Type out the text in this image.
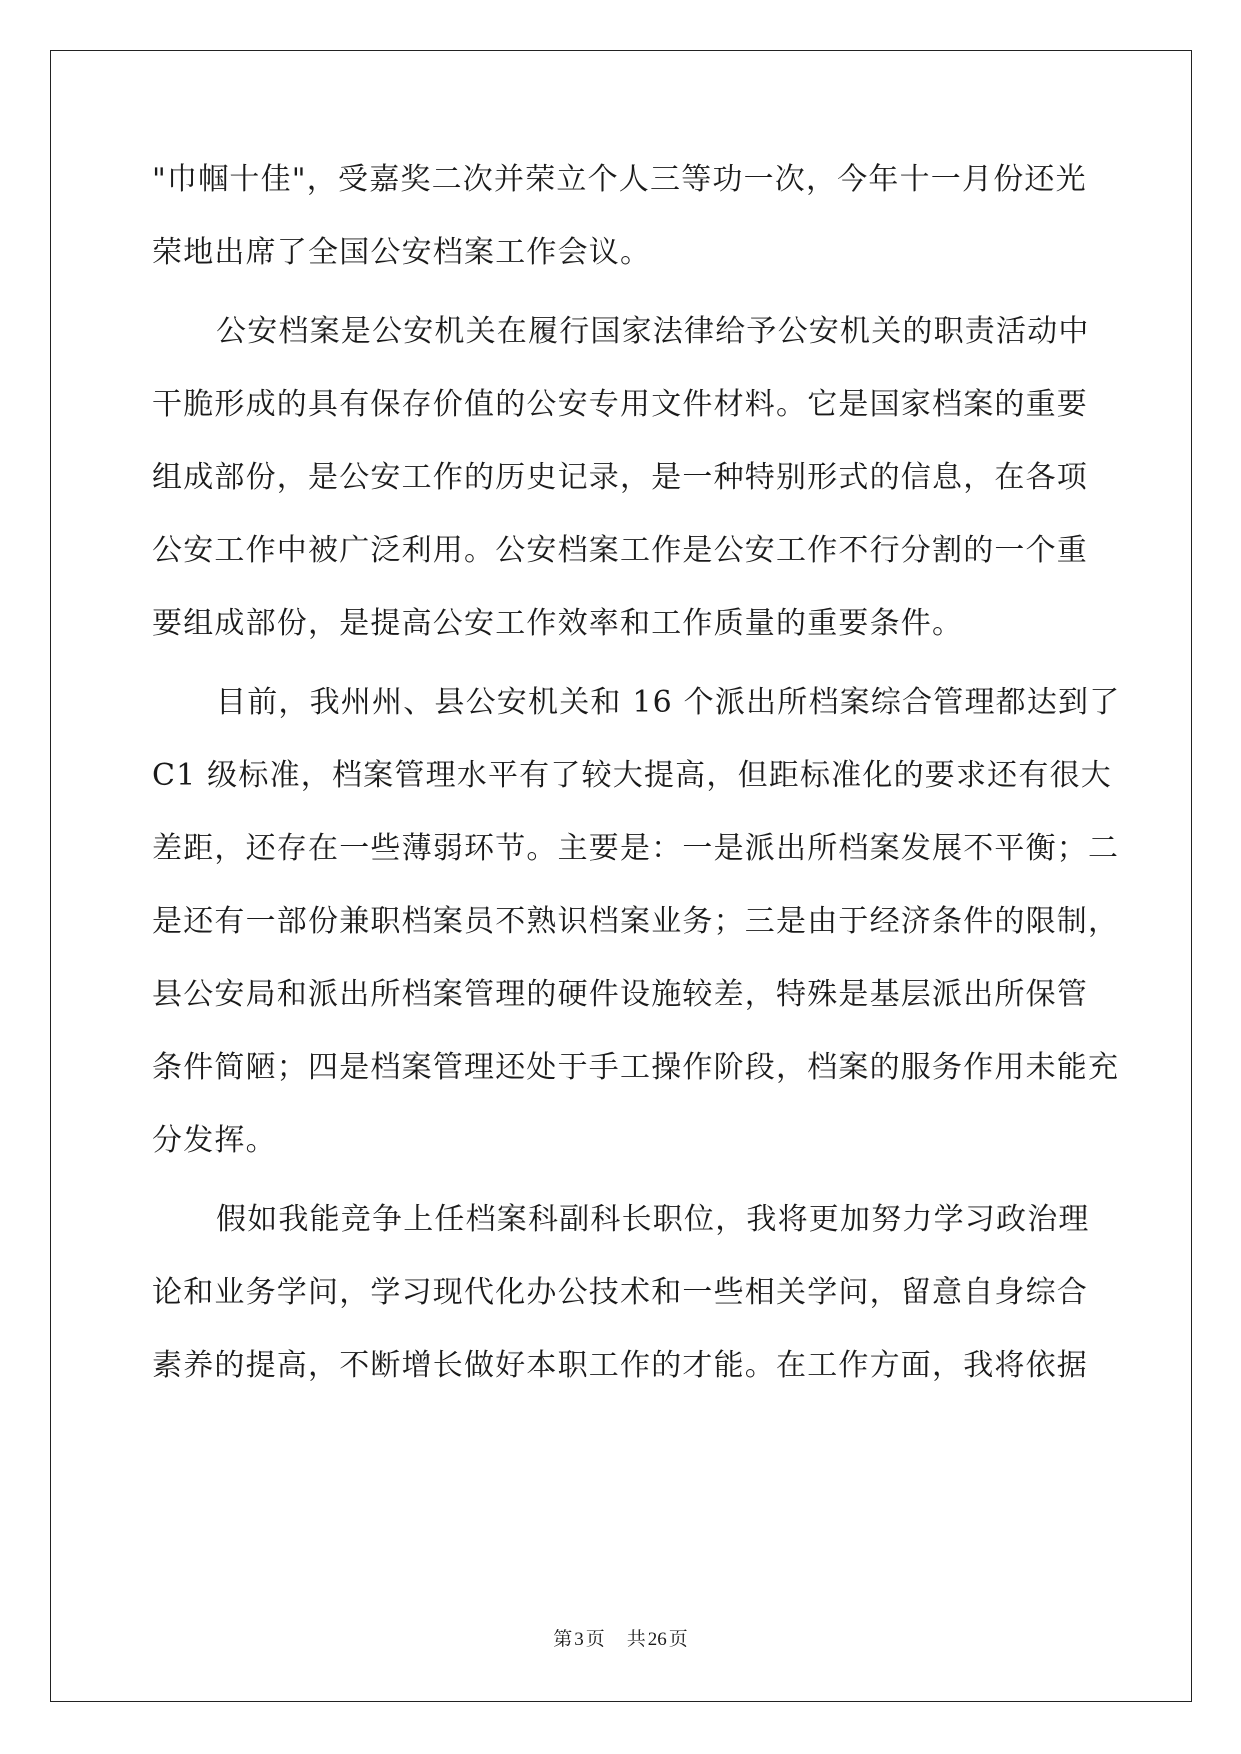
"巾帼十佳"，受嘉奖二次并荣立个人三等功一次，今年十一月份还光
荣地出席了全国公安档案工作会议。
公安档案是公安机关在履行国家法律给予公安机关的职责活动中
干脆形成的具有保存价值的公安专用文件材料。它是国家档案的重要
组成部份，是公安工作的历史记录，是一种特别形式的信息，在各项
公安工作中被广泛利用。公安档案工作是公安工作不行分割的一个重
要组成部份，是提高公安工作效率和工作质量的重要条件。
目前，我州州、县公安机关和 16 个派出所档案综合管理都达到了
C1 级标准，档案管理水平有了较大提高，但距标准化的要求还有很大
差距，还存在一些薄弱环节。主要是：一是派出所档案发展不平衡；二
是还有一部份兼职档案员不熟识档案业务；三是由于经济条件的限制，
县公安局和派出所档案管理的硬件设施较差，特殊是基层派出所保管
条件简陋；四是档案管理还处于手工操作阶段，档案的服务作用未能充
分发挥。
假如我能竞争上任档案科副科长职位，我将更加努力学习政治理
论和业务学问，学习现代化办公技术和一些相关学问，留意自身综合
素养的提高，不断增长做好本职工作的才能。在工作方面，我将依据
第 3 页 共 26 页
